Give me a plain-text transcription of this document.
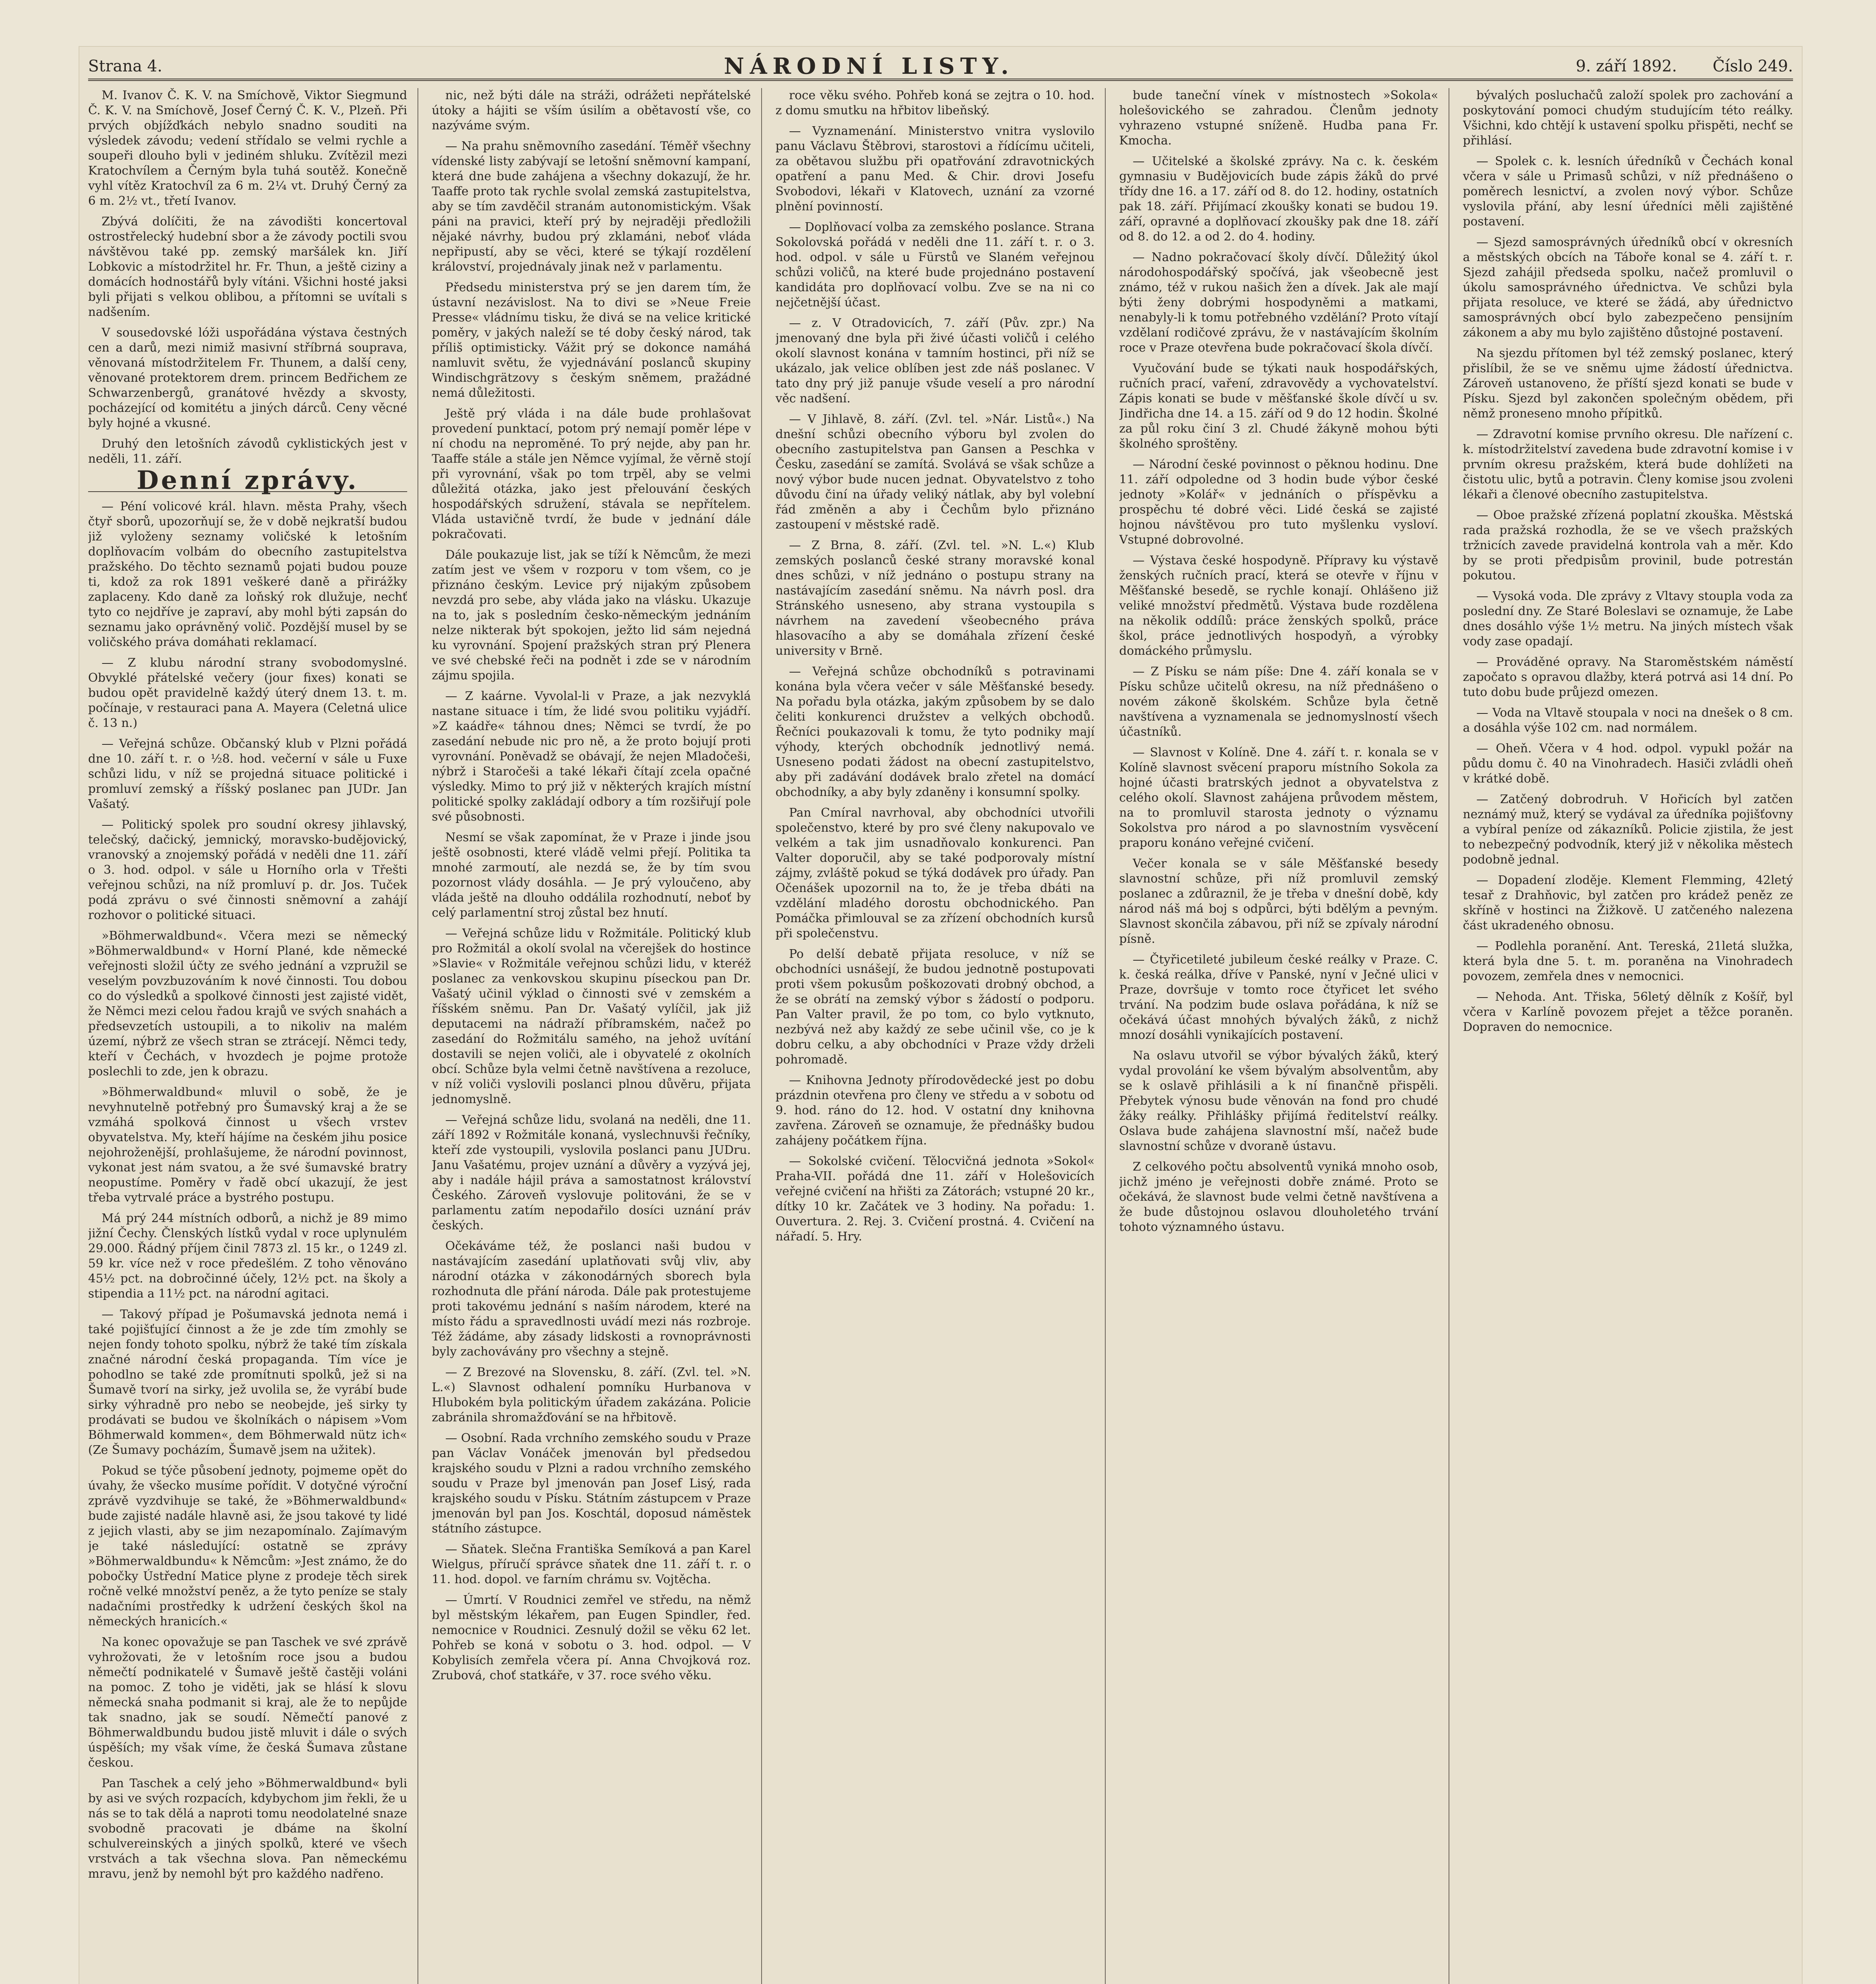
Strana 4.	NÁRODNÍ LISTY.	9. září 1892. Číslo 249.

M. Ivanov Č. K. V. na Smíchově, Viktor Siegmund Č. K. V. na Smíchově, Josef Černý Č. K. V., Plzeň. Při prvých objížďkách nebylo snadno souditi na výsledek závodu; vedení střídalo se velmi rychle a soupeři dlouho byli v jediném shluku. Zvítězil mezi Kratochvílem a Černým byla tuhá soutěž. Konečně vyhl vítěz Kratochvíl za 6 m. 2¼ vt. Druhý Černý za 6 m. 2½ vt., třetí Ivanov.

Zbývá dolíčiti, že na závodišti koncertoval ostrostřelecký hudební sbor a že závody poctili svou návštěvou také pp. zemský maršálek kn. Jiří Lobkovic a místodržitel hr. Fr. Thun, a ještě ciziny a domácích hodnostářů byly vítáni. Všichni hosté jaksi byli přijati s velkou oblibou, a přítomni se uvítali s nadšením.

V sousedovské lóži uspořádána výstava čestných cen a darů, mezi nimiž masivní stříbrná souprava, věnovaná místodržitelem Fr. Thunem, a další ceny, věnované protektorem drem. princem Bedřichem ze Schwarzenbergů, granátové hvězdy a skvosty, pocházející od komitétu a jiných dárců. Ceny věcné byly hojné a vkusné.

Druhý den letošních závodů cyklistických jest v neděli, 11. září.

Denní zprávy.

— Péní volicové král. hlavn. města Prahy, všech čtyř sborů, upozorňují se, že v době nejkratší budou již vyloženy seznamy voličské k letošním doplňovacím volbám do obecního zastupitelstva pražského. Do těchto seznamů pojati budou pouze ti, kdož za rok 1891 veškeré daně a přirážky zaplaceny. Kdo daně za loňský rok dlužuje, nechť tyto co nejdříve je zapraví, aby mohl býti zapsán do seznamu jako oprávněný volič. Pozdější musel by se voličského práva domáhati reklamací.

— Z klubu národní strany svobodomyslné. Obvyklé přátelské večery (jour fixes) konati se budou opět pravidelně každý úterý dnem 13. t. m. počínaje, v restauraci pana A. Mayera (Celetná ulice č. 13 n.)

— Veřejná schůze. Občanský klub v Plzni pořádá dne 10. září t. r. o ½8. hod. večerní v sále u Fuxe schůzi lidu, v níž se projedná situace politické i promluví zemský a říšský poslanec pan JUDr. Jan Vašatý.

— Politický spolek pro soudní okresy jihlavský, telečský, dačický, jemnický, moravsko-budějovický, vranovský a znojemský pořádá v neděli dne 11. září o 3. hod. odpol. v sále u Horního orla v Třešti veřejnou schůzi, na níž promluví p. dr. Jos. Tuček podá zprávu o své činnosti sněmovní a zahájí rozhovor o politické situaci.

»Böhmerwaldbund«. Včera mezi se německý »Böhmerwaldbund« v Horní Plané, kde německé veřejnosti složil účty ze svého jednání a vzpružil se veselým povzbuzováním k nové činnosti. Tou dobou co do výsledků a spolkové činnosti jest zajisté vidět, že Němci mezi celou řadou krajů ve svých snahách a předsevzetích ustoupili, a to nikoliv na malém území, nýbrž ze všech stran se ztrácejí. Němci tedy, kteří v Čechách, v hvozdech je pojme protože poslechli to zde, jen k obrazu.

»Böhmerwaldbund« mluvil o sobě, že je nevyhnutelně potřebný pro Šumavský kraj a že se vzmáhá spolková činnost u všech vrstev obyvatelstva. My, kteří hájíme na českém jihu posice nejohroženější, prohlašujeme, že národní povinnost, vykonat jest nám svatou, a že své šumavské bratry neopustíme. Poměry v řadě obcí ukazují, že jest třeba vytrvalé práce a bystrého postupu.

Má prý 244 místních odborů, a nichž je 89 mimo jižní Čechy. Členských lístků vydal v roce uplynulém 29.000. Řádný příjem činil 7873 zl. 15 kr., o 1249 zl. 59 kr. více než v roce předešlém. Z toho věnováno 45½ pct. na dobročinné účely, 12½ pct. na školy a stipendia a 11½ pct. na národní agitaci.

— Takový případ je Pošumavská jednota nemá i také pojišťující činnost a že je zde tím zmohly se nejen fondy tohoto spolku, nýbrž že také tím získala značné národní česká propaganda. Tím více je pohodlno se také zde promítnuti spolků, jež si na Šumavě tvorí na sirky, jež uvolila se, že vyrábí bude sirky výhradně pro nebo se neobejde, ješ sirky ty prodávati se budou ve školníkách o nápisem »Vom Böhmerwald kommen«, dem Böhmerwald nütz ich« (Ze Šumavy pocházím, Šumavě jsem na užitek).

Pokud se týče působení jednoty, pojmeme opět do úvahy, že všecko musíme pořídit. V dotyčné výroční zprávě vyzdvihuje se také, že »Böhmerwaldbund« bude zajisté nadále hlavně asi, že jsou takové ty lidé z jejich vlasti, aby se jim nezapomínalo. Zajímavým je také následující: ostatně se zprávy »Böhmerwaldbundu« k Němcům: »Jest známo, že do pobočky Ústřední Matice plyne z prodeje těch sirek ročně velké množství peněz, a že tyto peníze se staly nadačními prostředky k udržení českých škol na německých hranicích.«

Na konec opovažuje se pan Taschek ve své zprávě vyhrožovati, že v letošním roce jsou a budou němečtí podnikatelé v Šumavě ještě častěji voláni na pomoc. Z toho je viděti, jak se hlásí k slovu německá snaha podmanit si kraj, ale že to nepůjde tak snadno, jak se soudí. Němečtí panové z Böhmerwaldbundu budou jistě mluvit i dále o svých úspěších; my však víme, že česká Šumava zůstane českou.

Pan Taschek a celý jeho »Böhmerwaldbund« byli by asi ve svých rozpacích, kdybychom jim řekli, že u nás se to tak dělá a naproti tomu neodolatelné snaze svobodně pracovati je dbáme na školní schulvereinských a jiných spolků, které ve všech vrstvách a tak všechna slova. Pan německému mravu, jenž by nemohl být pro každého nadřeno.

nic, než býti dále na stráži, odrážeti nepřátelské útoky a hájiti se vším úsilím a obětavostí vše, co nazýváme svým.

— Na prahu sněmovního zasedání. Téměř všechny vídenské listy zabývají se letošní sněmovní kampaní, která dne bude zahájena a všechny dokazují, že hr. Taaffe proto tak rychle svolal zemská zastupitelstva, aby se tím zavděčil stranám autonomistickým. Však páni na pravici, kteří prý by nejraději předložili nějaké návrhy, budou prý zklamáni, neboť vláda nepřipustí, aby se věci, které se týkají rozdělení království, projednávaly jinak než v parlamentu.

Předsedu ministerstva prý se jen darem tím, že ústavní nezávislost. Na to divi se »Neue Freie Presse« vládnímu tisku, že divá se na velice kritické poměry, v jakých naleží se té doby český národ, tak příliš optimisticky. Vážit prý se dokonce namáhá namluvit světu, že vyjednávání poslanců skupiny Windischgrätzovy s českým sněmem, pražádné nemá důležitosti.

Ještě prý vláda i na dále bude prohlašovat provedení punktací, potom prý nemají poměr lépe v ní chodu na neproměné. To prý nejde, aby pan hr. Taaffe stále a stále jen Němce vyjímal, že věrně stojí při vyrovnání, však po tom trpěl, aby se velmi důležitá otázka, jako jest přelouvání českých hospodářských sdružení, stávala se nepřítelem. Vláda ustavičně tvrdí, že bude v jednání dále pokračovati.

Dále poukazuje list, jak se tíží k Němcům, že mezi zatím jest ve všem v rozporu v tom všem, co je přiznáno českým. Levice prý nijakým způsobem nevzdá pro sebe, aby vláda jako na vlásku. Ukazuje na to, jak s posledním česko-německým jednáním nelze nikterak být spokojen, ježto lid sám nejedná ku vyrovnání. Spojení pražských stran prý Plenera ve své chebské řeči na podnět i zde se v národním zájmu spojila.

— Z kaárne. Vyvolal-li v Praze, a jak nezvyklá nastane situace i tím, že lidé svou politiku vyjádří. »Z kaádře« táhnou dnes; Němci se tvrdí, že po zasedání nebude nic pro ně, a že proto bojují proti vyrovnání. Poněvadž se obávají, že nejen Mladočeši, nýbrž i Staročeši a také lékaři čítají zcela opačné výsledky. Mimo to prý již v některých krajích místní politické spolky zakládají odbory a tím rozšiřují pole své působnosti.

Nesmí se však zapomínat, že v Praze i jinde jsou ještě osobnosti, které vládě velmi přejí. Politika ta mnohé zarmoutí, ale nezdá se, že by tím svou pozornost vlády dosáhla. — Je prý vyloučeno, aby vláda ještě na dlouho oddálila rozhodnutí, neboť by celý parlamentní stroj zůstal bez hnutí.

— Veřejná schůze lidu v Rožmitále. Politický klub pro Rožmitál a okolí svolal na včerejšek do hostince »Slavie« v Rožmitále veřejnou schůzi lidu, v kteréž poslanec za venkovskou skupinu píseckou pan Dr. Vašatý učinil výklad o činnosti své v zemském a říšském sněmu. Pan Dr. Vašatý vylíčil, jak již deputacemi na nádraží příbramském, načež po zasedání do Rožmitálu samého, na jehož uvítání dostavili se nejen voliči, ale i obyvatelé z okolních obcí. Schůze byla velmi četně navštívena a rezoluce, v níž voliči vyslovili poslanci plnou důvěru, přijata jednomyslně.

— Veřejná schůze lidu, svolaná na neděli, dne 11. září 1892 v Rožmitále konaná, vyslechnuvši řečníky, kteří zde vystoupili, vyslovila poslanci panu JUDru. Janu Vašatému, projev uznání a důvěry a vyzývá jej, aby i nadále hájil práva a samostatnost království Českého. Zároveň vyslovuje politováni, že se v parlamentu zatím nepodařilo dosíci uznání práv českých.

Očekáváme též, že poslanci naši budou v nastávajícím zasedání uplatňovati svůj vliv, aby národní otázka v zákonodárných sborech byla rozhodnuta dle přání národa. Dále pak protestujeme proti takovému jednání s naším národem, které na místo řádu a spravedlnosti uvádí mezi nás rozbroje. Též žádáme, aby zásady lidskosti a rovnoprávnosti byly zachovávány pro všechny a stejně.

— Z Brezové na Slovensku, 8. září. (Zvl. tel. »N. L.«) Slavnost odhalení pomníku Hurbanova v Hlubokém byla politickým úřadem zakázána. Policie zabránila shromažďování se na hřbitově.

— Osobní. Rada vrchního zemského soudu v Praze pan Václav Vonáček jmenován byl předsedou krajského soudu v Plzni a radou vrchního zemského soudu v Praze byl jmenován pan Josef Lisý, rada krajského soudu v Písku. Státním zástupcem v Praze jmenován byl pan Jos. Koschtál, doposud náměstek státního zástupce.

— Sňatek. Slečna Františka Semíková a pan Karel Wielgus, příručí správce sňatek dne 11. září t. r. o 11. hod. dopol. ve farním chrámu sv. Vojtěcha.

— Úmrtí. V Roudnici zemřel ve středu, na němž byl městským lékařem, pan Eugen Spindler, řed. nemocnice v Roudnici. Zesnulý dožil se věku 62 let. Pohřeb se koná v sobotu o 3. hod. odpol. — V Kobylisích zemřela včera pí. Anna Chvojková roz. Zrubová, choť statkáře, v 37. roce svého věku.

roce věku svého. Pohřeb koná se zejtra o 10. hod. z domu smutku na hřbitov libeňský.

— Vyznamenání. Ministerstvo vnitra vyslovilo panu Václavu Štěbrovi, starostovi a řídícímu učiteli, za obětavou službu při opatřování zdravotnických opatření a panu Med. & Chir. drovi Josefu Svobodovi, lékaři v Klatovech, uznání za vzorné plnění povinností.

— Doplňovací volba za zemského poslance. Strana Sokolovská pořádá v neděli dne 11. září t. r. o 3. hod. odpol. v sále u Fürstů ve Slaném veřejnou schůzi voličů, na které bude projednáno postavení kandidáta pro doplňovací volbu. Zve se na ni co nejčetnější účast.

— z. V Otradovicích, 7. září (Pův. zpr.) Na jmenovaný dne byla při živé účasti voličů i celého okolí slavnost konána v tamním hostinci, při níž se ukázalo, jak velice oblíben jest zde náš poslanec. V tato dny prý již panuje všude veselí a pro národní věc nadšení.

— V Jihlavě, 8. září. (Zvl. tel. »Nár. Listů«.) Na dnešní schůzi obecního výboru byl zvolen do obecního zastupitelstva pan Gansen a Peschka v Česku, zasedání se zamítá. Svolává se však schůze a nový výbor bude nucen jednat. Obyvatelstvo z toho důvodu činí na úřady veliký nátlak, aby byl volební řád změněn a aby i Čechům bylo přiznáno zastoupení v městské radě.

— Z Brna, 8. září. (Zvl. tel. »N. L.«) Klub zemských poslanců české strany moravské konal dnes schůzi, v níž jednáno o postupu strany na nastávajícím zasedání sněmu. Na návrh posl. dra Stránského usneseno, aby strana vystoupila s návrhem na zavedení všeobecného práva hlasovacího a aby se domáhala zřízení české university v Brně.

— Veřejná schůze obchodníků s potravinami konána byla včera večer v sále Měšťanské besedy. Na pořadu byla otázka, jakým způsobem by se dalo čeliti konkurenci družstev a velkých obchodů. Řečníci poukazovali k tomu, že tyto podniky mají výhody, kterých obchodník jednotlivý nemá. Usneseno podati žádost na obecní zastupitelstvo, aby při zadávání dodávek bralo zřetel na domácí obchodníky, a aby byly zdaněny i konsumní spolky.

Pan Cmíral navrhoval, aby obchodníci utvořili společenstvo, které by pro své členy nakupovalo ve velkém a tak jim usnadňovalo konkurenci. Pan Valter doporučil, aby se také podporovaly místní zájmy, zvláště pokud se týká dodávek pro úřady. Pan Očenášek upozornil na to, že je třeba dbáti na vzdělání mladého dorostu obchodnického. Pan Pomáčka přimlouval se za zřízení obchodních kursů při společenstvu.

Po delší debatě přijata resoluce, v níž se obchodníci usnášejí, že budou jednotně postupovati proti všem pokusům poškozovati drobný obchod, a že se obrátí na zemský výbor s žádostí o podporu. Pan Valter pravil, že po tom, co bylo vytknuto, nezbývá než aby každý ze sebe učinil vše, co je k dobru celku, a aby obchodníci v Praze vždy drželi pohromadě.

— Knihovna Jednoty přírodovědecké jest po dobu prázdnin otevřena pro členy ve středu a v sobotu od 9. hod. ráno do 12. hod. V ostatní dny knihovna zavřena. Zároveň se oznamuje, že přednášky budou zahájeny počátkem října.

— Sokolské cvičení. Tělocvičná jednota »Sokol« Praha-VII. pořádá dne 11. září v Holešovicích veřejné cvičení na hřišti za Zátorách; vstupné 20 kr., dítky 10 kr. Začátek ve 3 hodiny. Na pořadu: 1. Ouvertura. 2. Rej. 3. Cvičení prostná. 4. Cvičení na nářadí. 5. Hry.

bude taneční vínek v místnostech »Sokola« holešovického se zahradou. Členům jednoty vyhrazeno vstupné sníženě. Hudba pana Fr. Kmocha.

— Učitelské a školské zprávy. Na c. k. českém gymnasiu v Budějovicích bude zápis žáků do prvé třídy dne 16. a 17. září od 8. do 12. hodiny, ostatních pak 18. září. Přijímací zkoušky konati se budou 19. září, opravné a doplňovací zkoušky pak dne 18. září od 8. do 12. a od 2. do 4. hodiny.

— Nadno pokračovací školy dívčí. Důležitý úkol národohospodářský spočívá, jak všeobecně jest známo, též v rukou našich žen a dívek. Jak ale mají býti ženy dobrými hospodyněmi a matkami, nenabyly-li k tomu potřebného vzdělání? Proto vítají vzdělaní rodičové zprávu, že v nastávajícím školním roce v Praze otevřena bude pokračovací škola dívčí.

Vyučování bude se týkati nauk hospodářských, ručních prací, vaření, zdravovědy a vychovatelství. Zápis konati se bude v měšťanské škole dívčí u sv. Jindřicha dne 14. a 15. září od 9 do 12 hodin. Školné za půl roku činí 3 zl. Chudé žákyně mohou býti školného sproštěny.

— Národní české povinnost o pěknou hodinu. Dne 11. září odpoledne od 3 hodin bude výbor české jednoty »Kolář« v jednáních o příspěvku a prospěchu té dobré věci. Lidé česká se zajisté hojnou návštěvou pro tuto myšlenku vysloví. Vstupné dobrovolné.

— Výstava české hospodyně. Přípravy ku výstavě ženských ručních prací, která se otevře v říjnu v Měšťanské besedě, se rychle konají. Ohlášeno již veliké množství předmětů. Výstava bude rozdělena na několik oddílů: práce ženských spolků, práce škol, práce jednotlivých hospodyň, a výrobky domáckého průmyslu.

— Z Písku se nám píše: Dne 4. září konala se v Písku schůze učitelů okresu, na níž přednášeno o novém zákoně školském. Schůze byla četně navštívena a vyznamenala se jednomyslností všech účastníků.

— Slavnost v Kolíně. Dne 4. září t. r. konala se v Kolíně slavnost svěcení praporu místního Sokola za hojné účasti bratrských jednot a obyvatelstva z celého okolí. Slavnost zahájena průvodem městem, na to promluvil starosta jednoty o významu Sokolstva pro národ a po slavnostním vysvěcení praporu konáno veřejné cvičení.

Večer konala se v sále Měšťanské besedy slavnostní schůze, při níž promluvil zemský poslanec a zdůraznil, že je třeba v dnešní době, kdy národ náš má boj s odpůrci, býti bdělým a pevným. Slavnost skončila zábavou, při níž se zpívaly národní písně.

— Čtyřicetileté jubileum české reálky v Praze. C. k. česká reálka, dříve v Panské, nyní v Ječné ulici v Praze, dovršuje v tomto roce čtyřicet let svého trvání. Na podzim bude oslava pořádána, k níž se očekává účast mnohých bývalých žáků, z nichž mnozí dosáhli vynikajících postavení.

Na oslavu utvořil se výbor bývalých žáků, který vydal provolání ke všem bývalým absolventům, aby se k oslavě přihlásili a k ní finančně přispěli. Přebytek výnosu bude věnován na fond pro chudé žáky reálky. Přihlášky přijímá ředitelství reálky. Oslava bude zahájena slavnostní mší, načež bude slavnostní schůze v dvoraně ústavu.

Z celkového počtu absolventů vyniká mnoho osob, jichž jméno je veřejnosti dobře známé. Proto se očekává, že slavnost bude velmi četně navštívena a že bude důstojnou oslavou dlouholetého trvání tohoto významného ústavu.

bývalých posluchačů založí spolek pro zachování a poskytování pomoci chudým studujícím této reálky. Všichni, kdo chtějí k ustavení spolku přispěti, nechť se přihlásí.

— Spolek c. k. lesních úředníků v Čechách konal včera v sále u Primasů schůzi, v níž přednášeno o poměrech lesnictví, a zvolen nový výbor. Schůze vyslovila přání, aby lesní úředníci měli zajištěné postavení.

— Sjezd samosprávných úředníků obcí v okresních a městských obcích na Táboře konal se 4. září t. r. Sjezd zahájil předseda spolku, načež promluvil o úkolu samosprávného úřednictva. Ve schůzi byla přijata resoluce, ve které se žádá, aby úřednictvo samosprávných obcí bylo zabezpečeno pensijním zákonem a aby mu bylo zajištěno důstojné postavení.

Na sjezdu přítomen byl též zemský poslanec, který přislíbil, že se ve sněmu ujme žádostí úřednictva. Zároveň ustanoveno, že příští sjezd konati se bude v Písku. Sjezd byl zakončen společným obědem, při němž proneseno mnoho přípitků.

— Zdravotní komise prvního okresu. Dle nařízení c. k. místodržitelství zavedena bude zdravotní komise i v prvním okresu pražském, která bude dohlížeti na čistotu ulic, bytů a potravin. Členy komise jsou zvoleni lékaři a členové obecního zastupitelstva.

— Oboe pražské zřízená poplatní zkouška. Městská rada pražská rozhodla, že se ve všech pražských tržnicích zavede pravidelná kontrola vah a měr. Kdo by se proti předpisům provinil, bude potrestán pokutou.

— Vysoká voda. Dle zprávy z Vltavy stoupla voda za poslední dny. Ze Staré Boleslavi se oznamuje, že Labe dnes dosáhlo výše 1½ metru. Na jiných místech však vody zase opadají.

— Prováděné opravy. Na Staroměstském náměstí započato s opravou dlažby, která potrvá asi 14 dní. Po tuto dobu bude průjezd omezen.

— Voda na Vltavě stoupala v noci na dnešek o 8 cm. a dosáhla výše 102 cm. nad normálem.

— Oheň. Včera v 4 hod. odpol. vypukl požár na půdu domu č. 40 na Vinohradech. Hasiči zvládli oheň v krátké době.

— Zatčený dobrodruh. V Hořicích byl zatčen neznámý muž, který se vydával za úředníka pojišťovny a vybíral peníze od zákazníků. Policie zjistila, že jest to nebezpečný podvodník, který již v několika městech podobně jednal.

— Dopadení zloděje. Klement Flemming, 42letý tesař z Drahňovic, byl zatčen pro krádež peněz ze skříně v hostinci na Žižkově. U zatčeného nalezena část ukradeného obnosu.

— Podlehla poranění. Ant. Tereská, 21letá služka, která byla dne 5. t. m. poraněna na Vinohradech povozem, zemřela dnes v nemocnici.

— Nehoda. Ant. Třiska, 56letý dělník z Košíř, byl včera v Karlíně povozem přejet a těžce poraněn. Dopraven do nemocnice.
